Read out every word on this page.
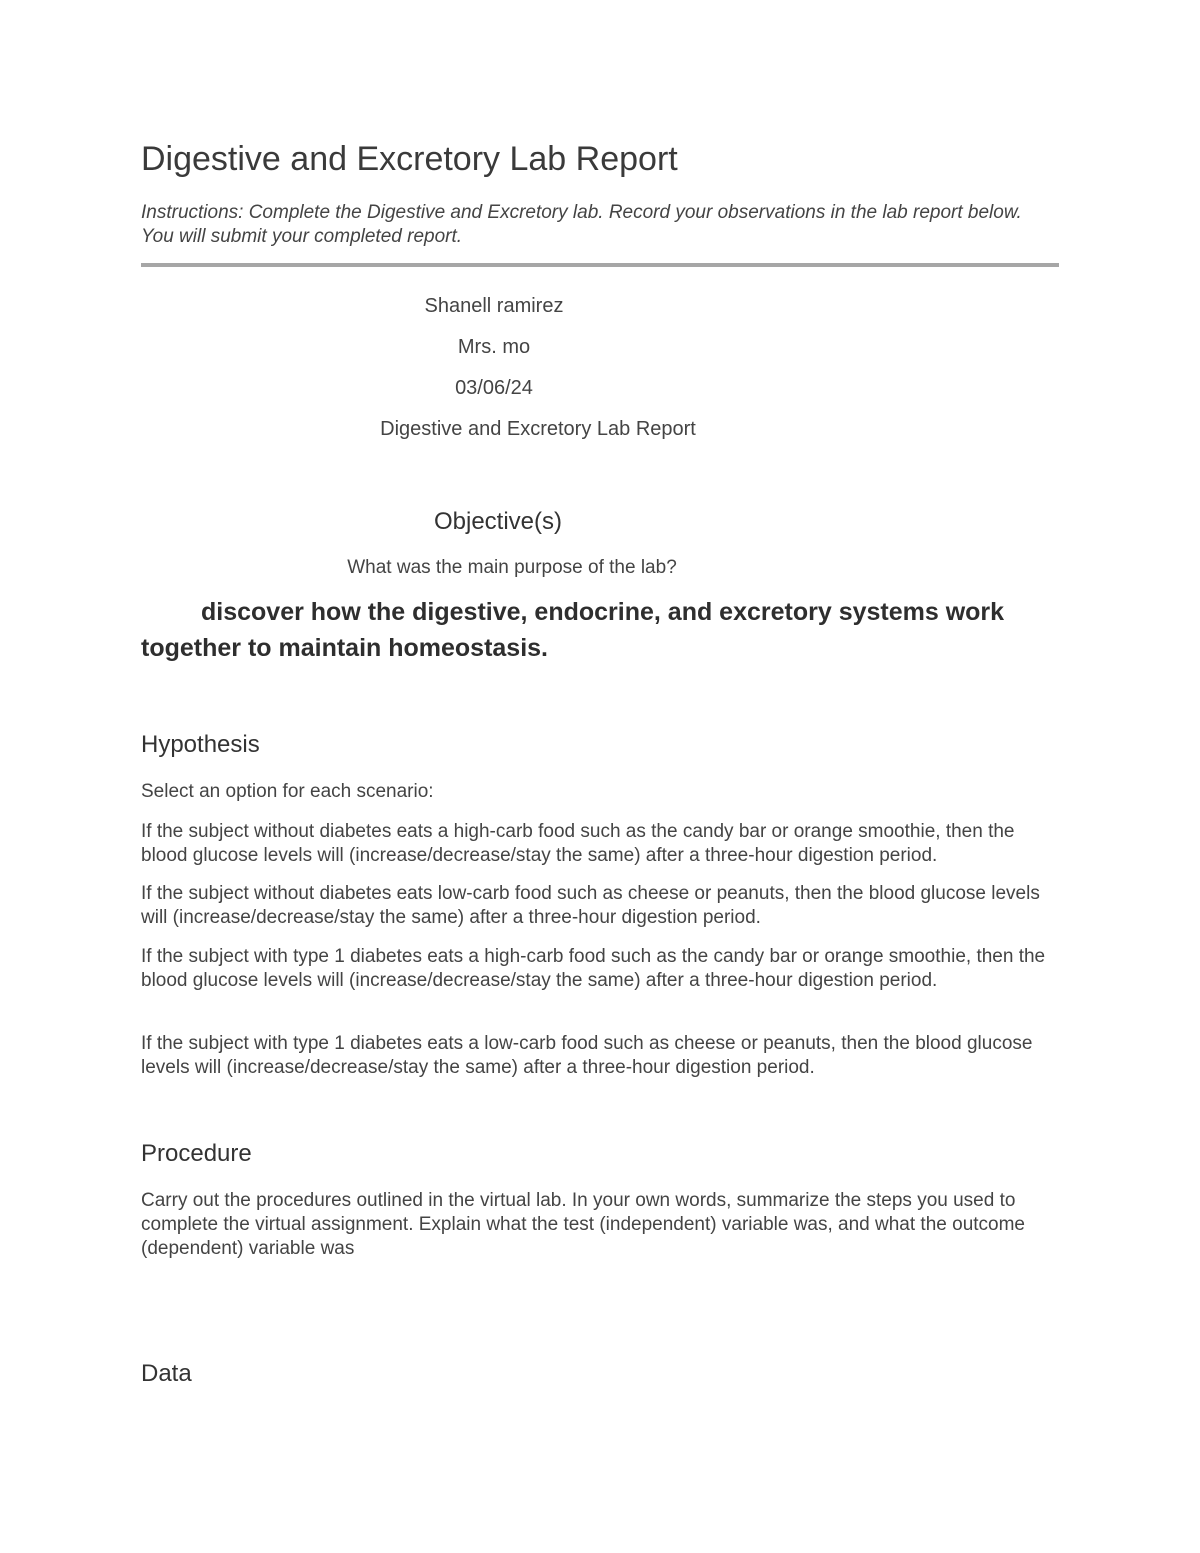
Digestive and Excretory Lab Report
Instructions: Complete the Digestive and Excretory lab. Record your observations in the lab report below. You will submit your completed report.
Shanell ramirez
Mrs. mo
03/06/24
Digestive and Excretory Lab Report
Objective(s)
What was the main purpose of the lab?
discover how the digestive, endocrine, and excretory systems work together to maintain homeostasis.
Hypothesis
Select an option for each scenario:
If the subject without diabetes eats a high-carb food such as the candy bar or orange smoothie, then the blood glucose levels will (increase/decrease/stay the same) after a three-hour digestion period.
If the subject without diabetes eats low-carb food such as cheese or peanuts, then the blood glucose levels will (increase/decrease/stay the same) after a three-hour digestion period.
If the subject with type 1 diabetes eats a high-carb food such as the candy bar or orange smoothie, then the blood glucose levels will (increase/decrease/stay the same) after a three-hour digestion period.
If the subject with type 1 diabetes eats a low-carb food such as cheese or peanuts, then the blood glucose levels will (increase/decrease/stay the same) after a three-hour digestion period.
Procedure
Carry out the procedures outlined in the virtual lab. In your own words, summarize the steps you used to complete the virtual assignment. Explain what the test (independent) variable was, and what the outcome (dependent) variable was
Data
